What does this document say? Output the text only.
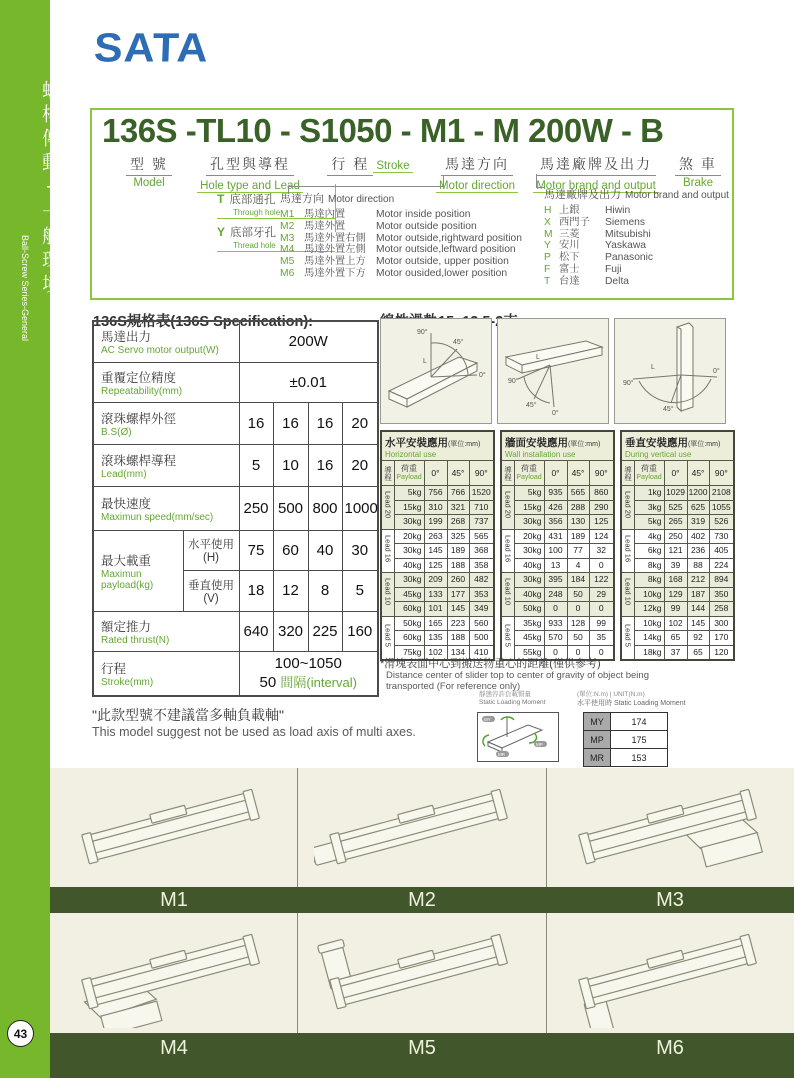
螺桿傳動-一般環境
Ball-Screw Series-General
43
SATA
136S -TL10 - S1050 - M1 - M 200W - B
型 號
Model
孔型與導程Hole type and Lead
行 程 Stroke	馬達方向Motor direction
馬達廠牌及出力Motor brand and output
煞 車
Brake
T 底部通孔
Through hole
Y 底部牙孔
Thread hole
馬達方向 Motor direction
M1 馬達內置	Motor inside position
M2 馬達外置	Motor outside position
M3 馬達外置右側 Motor outside,rightward position
M4 馬達外置左側 Motor outside,leftward position
M5 馬達外置上方 Motor outside, upper position
M6 馬達外置下方 Motor ousided,lower position
馬達廠牌及出力 Motor brand and output
H 上銀	Hiwin
X 西門子	Siemens
M 三菱	Mitsubishi
Y 安川	Yaskawa
P 松下	Panasonic
F 富士	Fuji
T 台達	Delta
136S規格表(136S Specification):
馬達出力
AC Servo motor output(W)		200W			

重覆定位精度
Repeatability(mm)		±0.01			

滾珠螺桿外徑
B.S(Ø)		16	16	16	20

滾珠螺桿導程
Lead(mm)		5	10	16	20

最快速度
Maximun speed(mm/sec)		250	500	800	1000

最大載重
Maximun payload(kg)

水平使用
(H)	75	60	40	30

	垂直使用
(V)	18	12	8	5

額定推力
Rated thrust(N)		640	320	225	160

行程
Stroke(mm)

100~1050
50 間隔(interval)
90°
45°
0°
L
90°
45°
0°
L
90°
45°
0°
L
水平安裝應用(單位:mm)
Horizontal use				

導程	荷重
Payload	0°	45°	90°
Lead 20	5kg	756	766	1520
	15kg	310	321	710
	30kg	199	268	737
Lead 16	20kg	263	325	565
	30kg	145	189	368
	40kg	125	188	358
Lead 10	30kg	209	260	482
	45kg	133	177	353
	60kg	101	145	349
Lead 5	50kg	165	223	560
	60kg	135	188	500
	75kg	102	134	410
牆面安裝應用(單位:mm)
Wall installation use				

導程	荷重
Payload	0°	45°	90°
Lead 20	5kg	935	565	860
	15kg	426	288	290
	30kg	356	130	125
Lead 16	20kg	431	189	124
	30kg	100	77	32
	40kg	13	4	0
Lead 10	30kg	395	184	122
	40kg	248	50	29
	50kg	0	0	0
Lead 5	35kg	933	128	99
	45kg	570	50	35
	55kg	0	0	0
垂直安裝應用(單位:mm)
During vertical use				

導程	荷重
Payload	0°	45°	90°
Lead 20	1kg	1029	1200	2108
	3kg	525	625	1055
	5kg	265	319	526
Lead 16	4kg	250	402	730
	6kg	121	236	405
	8kg	39	88	224
Lead 10	8kg	168	212	894
	10kg	129	187	350
	12kg	99	144	258
Lead 5	10kg	102	145	300
	14kg	65	92	170
	18kg	37	65	120
*滑塊表面中心到搬送物重心的距離(僅供參考)
Distance center of slider top to center of gravity of object being
transported (For reference only)
"此款型號不建議當多軸負載軸"
This model suggest not be used as load axis of multi axes.
靜態容許負載慣量
Static Loading Moment
MY
MP
MR
(單位:N.m) | UNIT(N.m)
水平使用時 Static Loading Moment
MY	174
MP	175
MR	153
M1	M2	M3
M4	M5	M6
